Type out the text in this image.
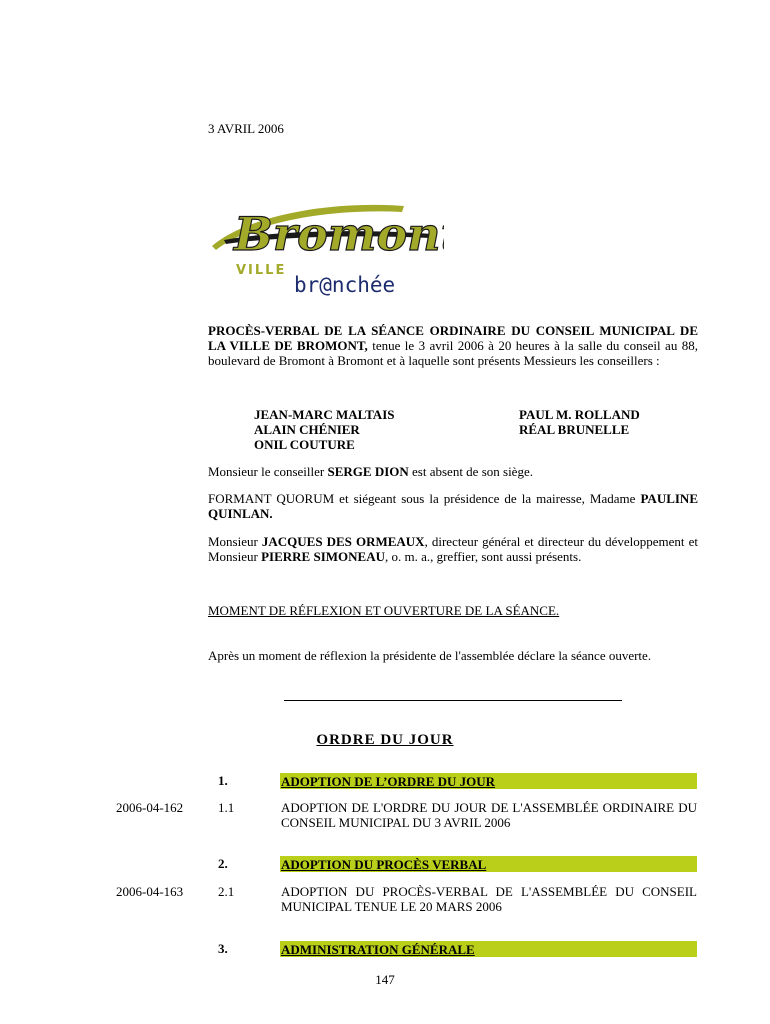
3 AVRIL 2006
Bromont
VILLE
br@nchée
PROCÈS-VERBAL DE LA SÉANCE ORDINAIRE DU CONSEIL MUNICIPAL DE LA VILLE DE BROMONT, tenue le 3 avril 2006 à 20 heures à la salle du conseil au 88, boulevard de Bromont à Bromont et à laquelle sont présents Messieurs les conseillers :
JEAN-MARC MALTAIS
ALAIN CHÉNIER
ONIL COUTURE
PAUL M. ROLLAND
RÉAL BRUNELLE
Monsieur le conseiller SERGE DION est absent de son siège.
FORMANT QUORUM et siégeant sous la présidence de la mairesse, Madame PAULINE QUINLAN.
Monsieur JACQUES DES ORMEAUX, directeur général et directeur du développement et Monsieur PIERRE SIMONEAU, o. m. a., greffier, sont aussi présents.
MOMENT DE RÉFLEXION ET OUVERTURE DE LA SÉANCE.
Après un moment de réflexion la présidente de l'assemblée déclare la séance ouverte.
ORDRE DU JOUR
1.	ADOPTION DE L’ORDRE DU JOUR
2006-04-162	1.1	ADOPTION DE L'ORDRE DU JOUR DE L'ASSEMBLÉE ORDINAIRE DU CONSEIL MUNICIPAL DU 3 AVRIL 2006
2.	ADOPTION DU PROCÈS VERBAL
2006-04-163	2.1	ADOPTION DU PROCÈS-VERBAL DE L'ASSEMBLÉE DU CONSEIL MUNICIPAL TENUE LE 20 MARS 2006
3.	ADMINISTRATION GÉNÉRALE
147
